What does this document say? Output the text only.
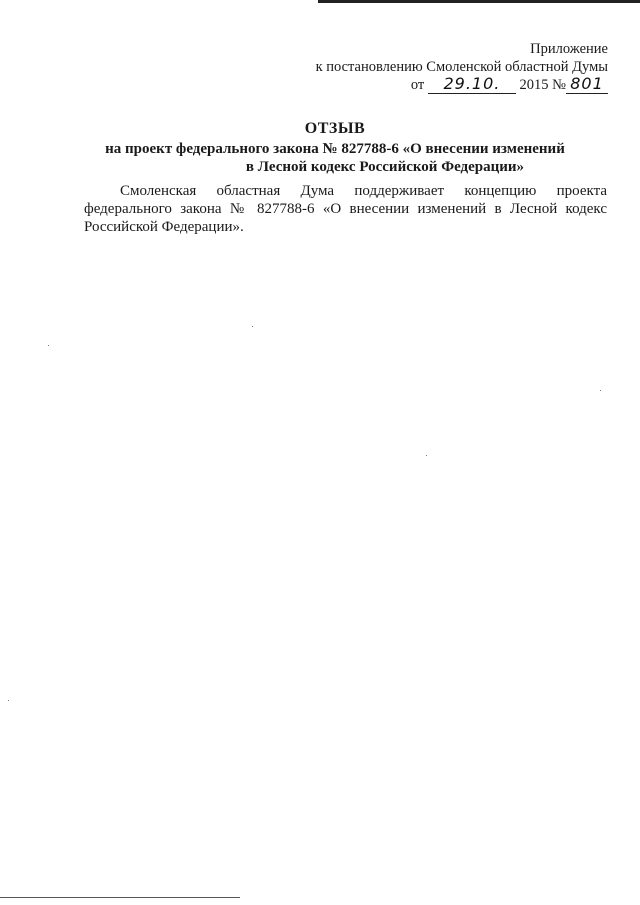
Приложение
к постановлению Смоленской областной Думы
от 29.10. 2015 № 801
ОТЗЫВ
на проект федерального закона № 827788-6 «О внесении изменений
в Лесной кодекс Российской Федерации»

Смоленская областная Дума поддерживает концепцию проекта федерального закона № 827788-6 «О внесении изменений в Лесной кодекс Российской Федерации».
